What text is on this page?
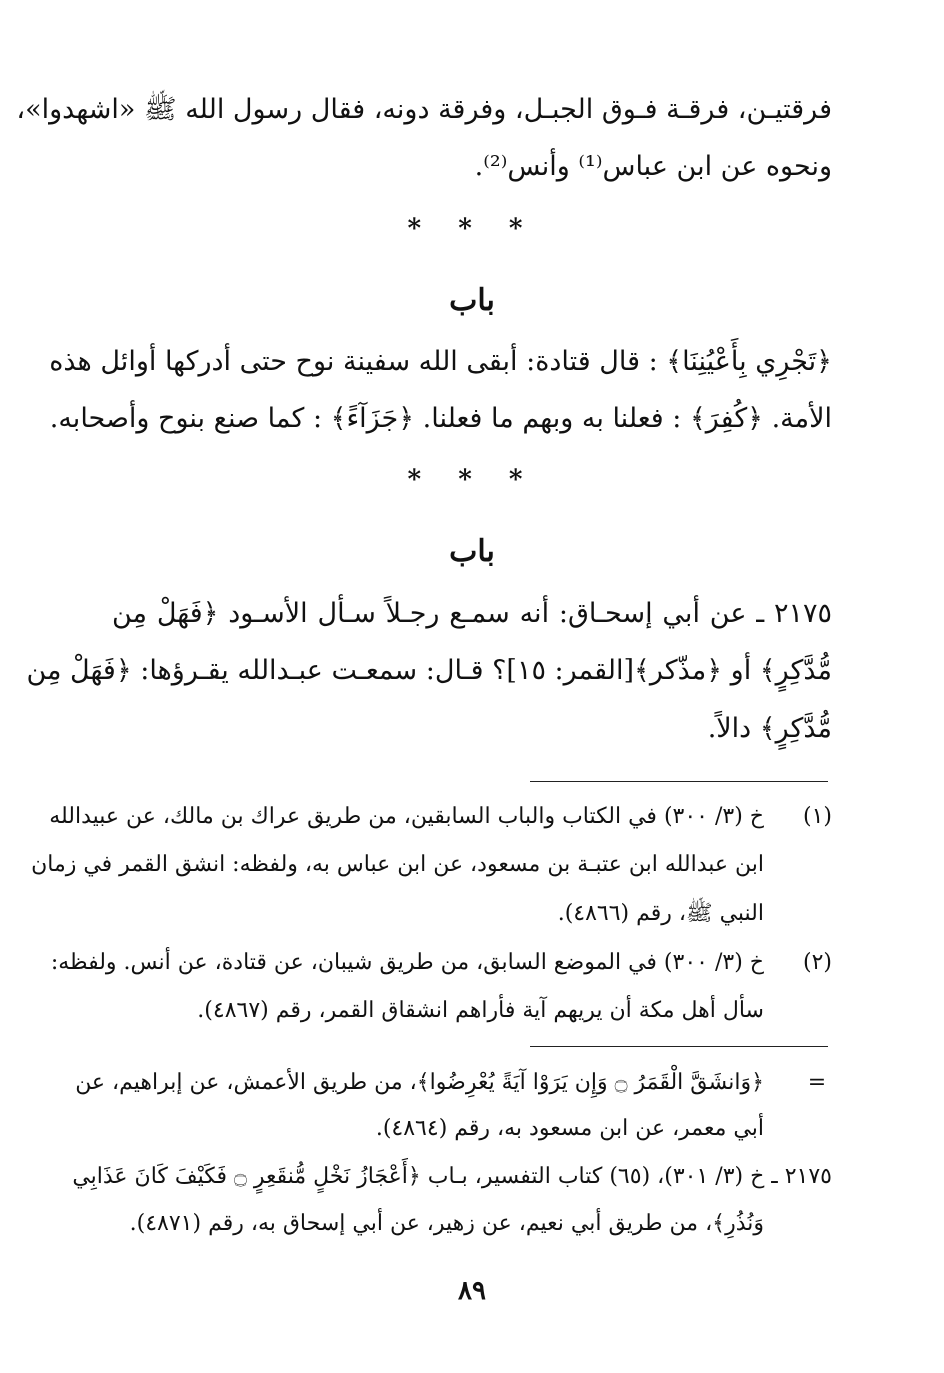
فرقتيـن، فرقـة فـوق الجبـل، وفرقة دونه، فقال رسول الله ﷺ «اشهدوا»،
ونحوه عن ابن عباس⁽¹⁾ وأنس⁽²⁾.
* * *
باب
﴿تَجْرِي بِأَعْيُنِنَا﴾ : قال قتادة: أبقى الله سفينة نوح حتى أدركها أوائل هذه
الأمة. ﴿كُفِرَ﴾ : فعلنا به وبهم ما فعلنا. ﴿جَزَآءً﴾ : كما صنع بنوح وأصحابه.
* * *
باب
٢١٧٥ ـ عن أبي إسحـاق: أنه سمـع رجـلاً سـأل الأسـود ﴿فَهَلْ مِن
مُّدَّكِرٍ﴾ أو ﴿مذّكر﴾[القمر: ١٥]؟ قـال: سمعـت عبـدالله يقـرؤها: ﴿فَهَلْ مِن
مُّدَّكِرٍ﴾ دالاً.
(١)
خ (٣/ ٣٠٠) في الكتاب والباب السابقين، من طريق عراك بن مالك، عن عبيدالله
ابن عبدالله ابن عتبـة بن مسعود، عن ابن عباس به، ولفظه: انشق القمر في زمان
النبي ﷺ، رقم (٤٨٦٦).
(٢)
خ (٣/ ٣٠٠) في الموضع السابق، من طريق شيبان، عن قتادة، عن أنس. ولفظه:
سأل أهل مكة أن يريهم آية فأراهم انشقاق القمر، رقم (٤٨٦٧).
=
﴿وَانشَقَّ الْقَمَرُ ۝ وَإِن يَرَوْا آيَةً يُعْرِضُوا﴾، من طريق الأعمش، عن إبراهيم، عن
أبي معمر، عن ابن مسعود به، رقم (٤٨٦٤).
٢١٧٥ ـ خ (٣/ ٣٠١)، (٦٥) كتاب التفسير، بـاب ﴿أَعْجَازُ نَخْلٍ مُّنقَعِرٍ ۝ فَكَيْفَ كَانَ عَذَابِي
وَنُذُرِ﴾، من طريق أبي نعيم، عن زهير، عن أبي إسحاق به، رقم (٤٨٧١).
٨٩
